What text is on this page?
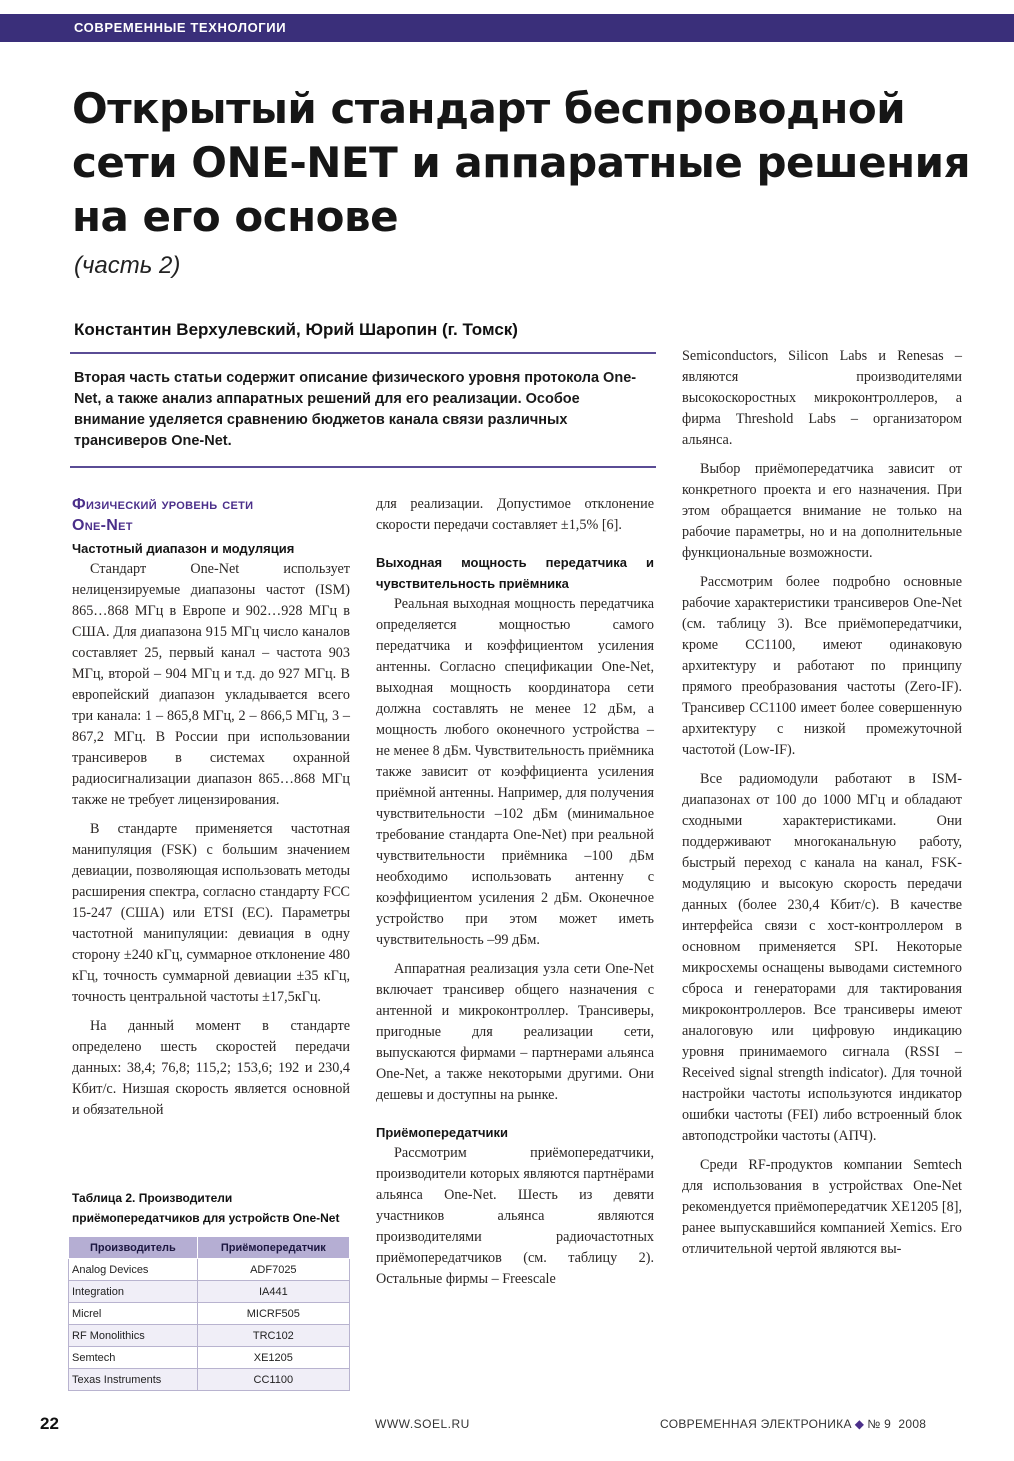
СОВРЕМЕННЫЕ ТЕХНОЛОГИИ
Открытый стандарт беспроводной
сети ONE-NET и аппаратные решения
на его основе
(часть 2)
Константин Верхулевский, Юрий Шаропин (г. Томск)
Вторая часть статьи содержит описание физического уровня протокола One-Net, а также анализ аппаратных решений для его реализации. Особое внимание уделяется сравнению бюджетов канала связи различных трансиверов One-Net.
Физический уровень сети
One-Net
Частотный диапазон и модуляция

Стандарт One-Net использует нелицензируемые диапазоны частот (ISM) 865…868 МГц в Европе и 902…928 МГц в США. Для диапазона 915 МГц число каналов составляет 25, первый канал – частота 903 МГц, второй – 904 МГц и т.д. до 927 МГц. В европейский диапазон укладывается всего три канала: 1 – 865,8 МГц, 2 – 866,5 МГц, 3 – 867,2 МГц. В России при использовании трансиверов в системах охранной радиосигнализации диапазон 865…868 МГц также не требует лицензирования.

В стандарте применяется частотная манипуляция (FSK) с большим значением девиации, позволяющая использовать методы расширения спектра, согласно стандарту FCC 15-247 (США) или ETSI (ЕС). Параметры частотной манипуляции: девиация в одну сторону ±240 кГц, суммарное отклонение 480 кГц, точность суммарной девиации ±35 кГц, точность центральной частоты ±17,5кГц.

На данный момент в стандарте определено шесть скоростей передачи данных: 38,4; 76,8; 115,2; 153,6; 192 и 230,4 Кбит/с. Низшая скорость является основной и обязательной

Таблица 2. Производители
приёмопередатчиков для устройств One-Net
Производитель	Приёмопередатчик
Analog Devices	ADF7025
Integration	IA441
Micrel	MICRF505
RF Monolithics	TRC102
Semtech	XE1205
Texas Instruments	CC1100

для реализации. Допустимое отклонение скорости передачи составляет ±1,5% [6].

Выходная мощность передатчика и чувствительность приёмника

Реальная выходная мощность передатчика определяется мощностью самого передатчика и коэффициентом усиления антенны. Согласно спецификации One-Net, выходная мощность координатора сети должна составлять не менее 12 дБм, а мощность любого оконечного устройства – не менее 8 дБм. Чувствительность приёмника также зависит от коэффициента усиления приёмной антенны. Например, для получения чувствительности –102 дБм (минимальное требование стандарта One-Net) при реальной чувствительности приёмника –100 дБм необходимо использовать антенну с коэффициентом усиления 2 дБм. Оконечное устройство при этом может иметь чувствительность –99 дБм.

Аппаратная реализация узла сети One-Net включает трансивер общего назначения с антенной и микроконтроллер. Трансиверы, пригодные для реализации сети, выпускаются фирмами – партнерами альянса One-Net, а также некоторыми другими. Они дешевы и доступны на рынке.

Приёмопередатчики

Рассмотрим приёмопередатчики, производители которых являются партнёрами альянса One-Net. Шесть из девяти участников альянса являются производителями радиочастотных приёмопередатчиков (см. таблицу 2). Остальные фирмы – Freescale

Semiconductors, Silicon Labs и Renesas – являются производителями высокоскоростных микроконтроллеров, а фирма Threshold Labs – организатором альянса.

Выбор приёмопередатчика зависит от конкретного проекта и его назначения. При этом обращается внимание не только на рабочие параметры, но и на дополнительные функциональные возможности.

Рассмотрим более подробно основные рабочие характеристики трансиверов One-Net (см. таблицу 3). Все приёмопередатчики, кроме CC1100, имеют одинаковую архитектуру и работают по принципу прямого преобразования частоты (Zero-IF). Трансивер CC1100 имеет более совершенную архитектуру с низкой промежуточной частотой (Low-IF).

Все радиомодули работают в ISM-диапазонах от 100 до 1000 МГц и обладают сходными характеристиками. Они поддерживают многоканальную работу, быстрый переход с канала на канал, FSK-модуляцию и высокую скорость передачи данных (более 230,4 Кбит/с). В качестве интерфейса связи с хост-контроллером в основном применяется SPI. Некоторые микросхемы оснащены выводами системного сброса и генераторами для тактирования микроконтроллеров. Все трансиверы имеют аналоговую или цифровую индикацию уровня принимаемого сигнала (RSSI – Received signal strength indicator). Для точной настройки частоты используются индикатор ошибки частоты (FEI) либо встроенный блок автоподстройки частоты (АПЧ).

Среди RF-продуктов компании Semtech для использования в устройствах One-Net рекомендуется приёмопередатчик XE1205 [8], ранее выпускавшийся компанией Xemics. Его отличительной чертой являются вы-

22	WWW.SOEL.RU	СОВРЕМЕННАЯ ЭЛЕКТРОНИКА ◆ № 9 2008
